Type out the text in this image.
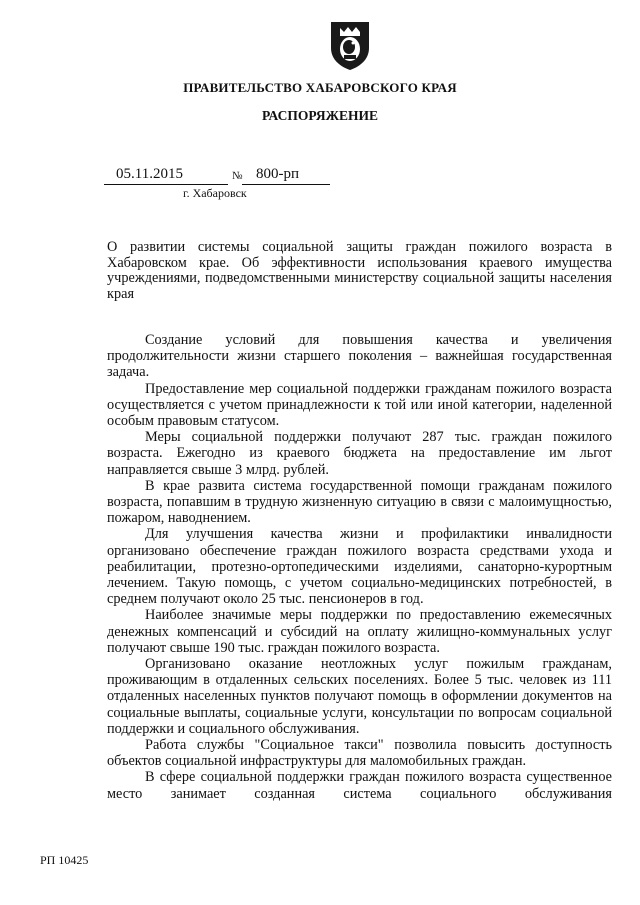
ПРАВИТЕЛЬСТВО ХАБАРОВСКОГО КРАЯ
РАСПОРЯЖЕНИЕ
05.11.2015	№ 800-рп
г. Хабаровск
О развитии системы социальной защиты граждан пожилого возраста в Хабаровском крае. Об эффективности использования краевого имущества учреждениями, подведомственными министерству социальной защиты населения края

Создание условий для повышения качества и увеличения продолжительности жизни старшего поколения – важнейшая государственная задача.

Предоставление мер социальной поддержки гражданам пожилого возраста осуществляется с учетом принадлежности к той или иной категории, наделенной особым правовым статусом.

Меры социальной поддержки получают 287 тыс. граждан пожилого возраста. Ежегодно из краевого бюджета на предоставление им льгот направляется свыше 3 млрд. рублей.

В крае развита система государственной помощи гражданам пожилого возраста, попавшим в трудную жизненную ситуацию в связи с малоимущностью, пожаром, наводнением.

Для улучшения качества жизни и профилактики инвалидности организовано обеспечение граждан пожилого возраста средствами ухода и реабилитации, протезно-ортопедическими изделиями, санаторно-курортным лечением. Такую помощь, с учетом социально-медицинских потребностей, в среднем получают около 25 тыс. пенсионеров в год.

Наиболее значимые меры поддержки по предоставлению ежемесячных денежных компенсаций и субсидий на оплату жилищно-коммунальных услуг получают свыше 190 тыс. граждан пожилого возраста.

Организовано оказание неотложных услуг пожилым гражданам, проживающим в отдаленных сельских поселениях. Более 5 тыс. человек из 111 отдаленных населенных пунктов получают помощь в оформлении документов на социальные выплаты, социальные услуги, консультации по вопросам социальной поддержки и социального обслуживания.

Работа службы "Социальное такси" позволила повысить доступность объектов социальной инфраструктуры для маломобильных граждан.

В сфере социальной поддержки граждан пожилого возраста существенное место занимает созданная система социального обслуживания

РП 10425
